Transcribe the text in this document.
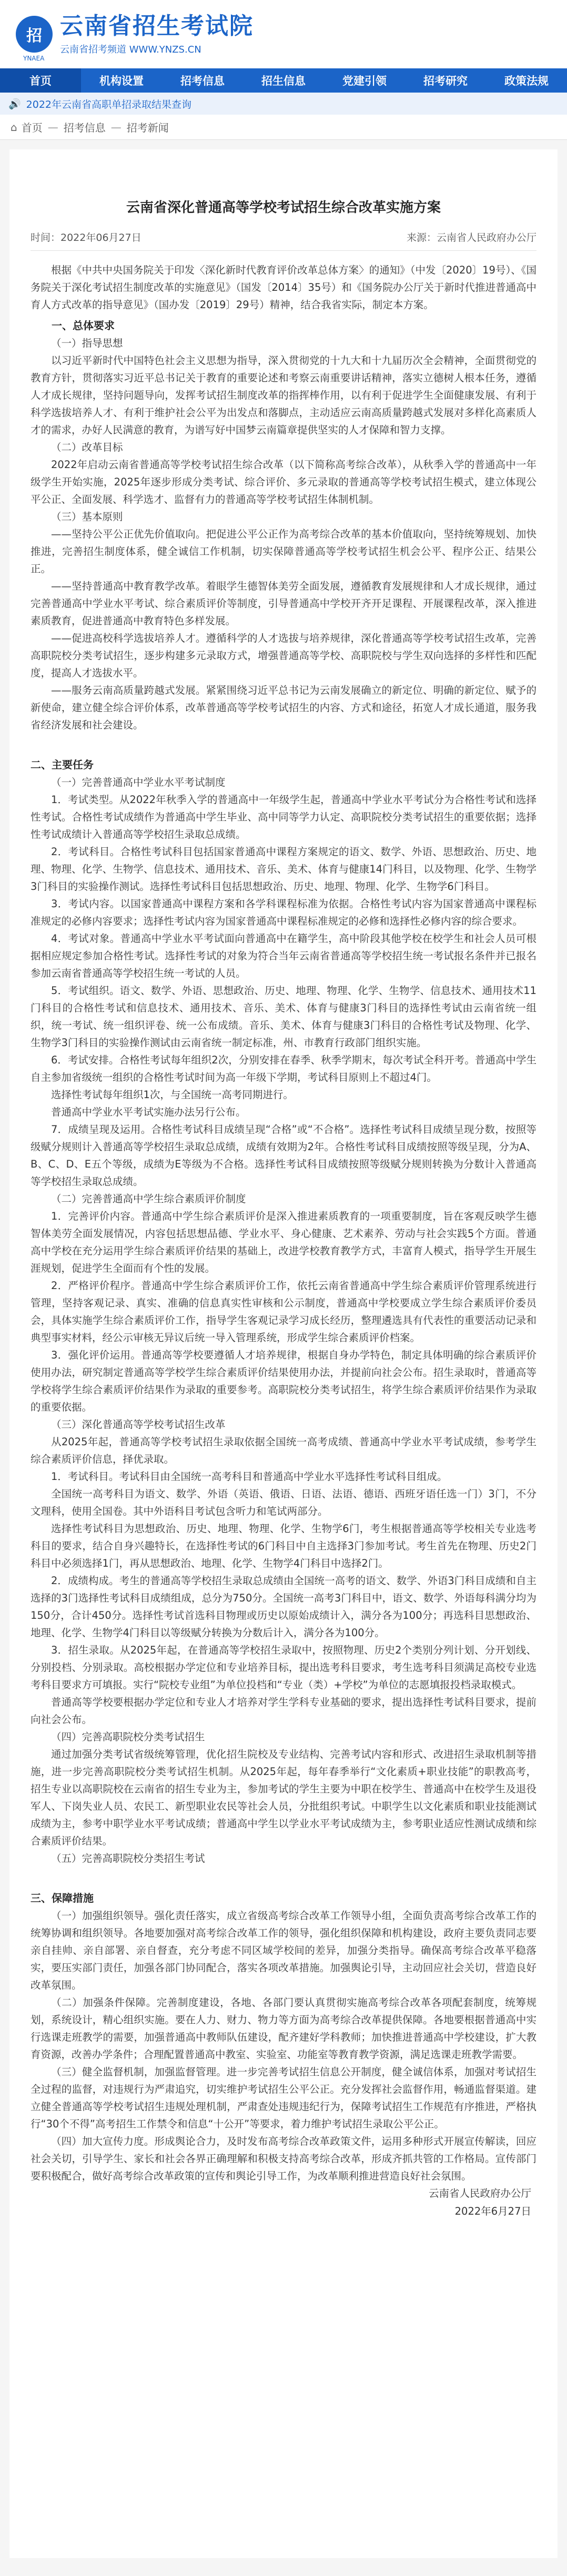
招 云南省招生考试院
云南省招考频道 WWW.YNZS.CN
YNAEA
首页	机构设置	招考信息	招生信息	党建引领	招考研究	政策法规
🔊 2022年云南省高职单招录取结果查询
⌂ 首页 — 招考信息 — 招考新闻
云南省深化普通高等学校考试招生综合改革实施方案
时间：2022年06月27日	来源：云南省人民政府办公厅
根据《中共中央国务院关于印发〈深化新时代教育评价改革总体方案〉的通知》（中发〔2020〕19号）、《国务院关于深化考试招生制度改革的实施意见》（国发〔2014〕35号）和《国务院办公厅关于新时代推进普通高中育人方式改革的指导意见》（国办发〔2019〕29号）精神，结合我省实际，制定本方案。
一、总体要求
（一）指导思想
以习近平新时代中国特色社会主义思想为指导，深入贯彻党的十九大和十九届历次全会精神，全面贯彻党的教育方针，贯彻落实习近平总书记关于教育的重要论述和考察云南重要讲话精神，落实立德树人根本任务，遵循人才成长规律，坚持问题导向，发挥考试招生制度改革的指挥棒作用，以有利于促进学生全面健康发展、有利于科学选拔培养人才、有利于维护社会公平为出发点和落脚点，主动适应云南高质量跨越式发展对多样化高素质人才的需求，办好人民满意的教育，为谱写好中国梦云南篇章提供坚实的人才保障和智力支撑。
（二）改革目标
2022年启动云南省普通高等学校考试招生综合改革（以下简称高考综合改革），从秋季入学的普通高中一年级学生开始实施，2025年逐步形成分类考试、综合评价、多元录取的普通高等学校考试招生模式，建立体现公平公正、全面发展、科学选才、监督有力的普通高等学校考试招生体制机制。
（三）基本原则
——坚持公平公正优先价值取向。把促进公平公正作为高考综合改革的基本价值取向，坚持统筹规划、加快推进，完善招生制度体系，健全诚信工作机制，切实保障普通高等学校考试招生机会公平、程序公正、结果公正。
——坚持普通高中教育教学改革。着眼学生德智体美劳全面发展，遵循教育发展规律和人才成长规律，通过完善普通高中学业水平考试、综合素质评价等制度，引导普通高中学校开齐开足课程、开展课程改革，深入推进素质教育，促进普通高中教育特色多样发展。
——促进高校科学选拔培养人才。遵循科学的人才选拔与培养规律，深化普通高等学校考试招生改革，完善高职院校分类考试招生，逐步构建多元录取方式，增强普通高等学校、高职院校与学生双向选择的多样性和匹配度，提高人才选拔水平。
——服务云南高质量跨越式发展。紧紧围绕习近平总书记为云南发展确立的新定位、明确的新定位、赋予的新使命，建立健全综合评价体系，改革普通高等学校考试招生的内容、方式和途径，拓宽人才成长通道，服务我省经济发展和社会建设。
二、主要任务
（一）完善普通高中学业水平考试制度
1．考试类型。从2022年秋季入学的普通高中一年级学生起，普通高中学业水平考试分为合格性考试和选择性考试。合格性考试成绩作为普通高中学生毕业、高中同等学力认定、高职院校分类考试招生的重要依据；选择性考试成绩计入普通高等学校招生录取总成绩。
2．考试科目。合格性考试科目包括国家普通高中课程方案规定的语文、数学、外语、思想政治、历史、地理、物理、化学、生物学、信息技术、通用技术、音乐、美术、体育与健康14门科目，以及物理、化学、生物学3门科目的实验操作测试。选择性考试科目包括思想政治、历史、地理、物理、化学、生物学6门科目。
3．考试内容。以国家普通高中课程方案和各学科课程标准为依据。合格性考试内容为国家普通高中课程标准规定的必修内容要求；选择性考试内容为国家普通高中课程标准规定的必修和选择性必修内容的综合要求。
4．考试对象。普通高中学业水平考试面向普通高中在籍学生，高中阶段其他学校在校学生和社会人员可根据相应规定参加合格性考试。选择性考试的对象为符合当年云南省普通高等学校招生统一考试报名条件并已报名参加云南省普通高等学校招生统一考试的人员。
5．考试组织。语文、数学、外语、思想政治、历史、地理、物理、化学、生物学、信息技术、通用技术11门科目的合格性考试和信息技术、通用技术、音乐、美术、体育与健康3门科目的选择性考试由云南省统一组织，统一考试、统一组织评卷、统一公布成绩。音乐、美术、体育与健康3门科目的合格性考试及物理、化学、生物学3门科目的实验操作测试由云南省统一制定标准，州、市教育行政部门组织实施。
6．考试安排。合格性考试每年组织2次，分别安排在春季、秋季学期末，每次考试全科开考。普通高中学生自主参加省级统一组织的合格性考试时间为高一年级下学期，考试科目原则上不超过4门。
选择性考试每年组织1次，与全国统一高考同期进行。
普通高中学业水平考试实施办法另行公布。
7．成绩呈现及运用。合格性考试科目成绩呈现“合格”或“不合格”。选择性考试科目成绩呈现分数，按照等级赋分规则计入普通高等学校招生录取总成绩，成绩有效期为2年。合格性考试科目成绩按照等级呈现，分为A、B、C、D、E五个等级，成绩为E等级为不合格。选择性考试科目成绩按照等级赋分规则转换为分数计入普通高等学校招生录取总成绩。
（二）完善普通高中学生综合素质评价制度
1．完善评价内容。普通高中学生综合素质评价是深入推进素质教育的一项重要制度，旨在客观反映学生德智体美劳全面发展情况，内容包括思想品德、学业水平、身心健康、艺术素养、劳动与社会实践5个方面。普通高中学校在充分运用学生综合素质评价结果的基础上，改进学校教育教学方式，丰富育人模式，指导学生开展生涯规划，促进学生全面而有个性的发展。
2．严格评价程序。普通高中学生综合素质评价工作，依托云南省普通高中学生综合素质评价管理系统进行管理，坚持客观记录、真实、准确的信息真实性审核和公示制度，普通高中学校要成立学生综合素质评价委员会，具体实施学生综合素质评价工作，指导学生客观记录学习成长经历，整理遴选具有代表性的重要活动记录和典型事实材料，经公示审核无异议后统一导入管理系统，形成学生综合素质评价档案。
3．强化评价运用。普通高等学校要遵循人才培养规律，根据自身办学特色，制定具体明确的综合素质评价使用办法，研究制定普通高等学校学生综合素质评价结果使用办法，并提前向社会公布。招生录取时，普通高等学校将学生综合素质评价结果作为录取的重要参考。高职院校分类考试招生，将学生综合素质评价结果作为录取的重要依据。
（三）深化普通高等学校考试招生改革
从2025年起，普通高等学校考试招生录取依据全国统一高考成绩、普通高中学业水平考试成绩，参考学生综合素质评价信息，择优录取。
1．考试科目。考试科目由全国统一高考科目和普通高中学业水平选择性考试科目组成。
全国统一高考科目为语文、数学、外语（英语、俄语、日语、法语、德语、西班牙语任选一门）3门，不分文理科，使用全国卷。其中外语科目考试包含听力和笔试两部分。
选择性考试科目为思想政治、历史、地理、物理、化学、生物学6门，考生根据普通高等学校相关专业选考科目的要求，结合自身兴趣特长，在选择性考试的6门科目中自主选择3门参加考试。考生首先在物理、历史2门科目中必须选择1门，再从思想政治、地理、化学、生物学4门科目中选择2门。
2．成绩构成。考生的普通高等学校招生录取总成绩由全国统一高考的语文、数学、外语3门科目成绩和自主选择的3门选择性考试科目成绩组成，总分为750分。全国统一高考3门科目中，语文、数学、外语每科满分均为150分，合计450分。选择性考试首选科目物理或历史以原始成绩计入，满分各为100分；再选科目思想政治、地理、化学、生物学4门科目以等级赋分转换为分数后计入，满分各为100分。
3．招生录取。从2025年起，在普通高等学校招生录取中，按照物理、历史2个类别分列计划、分开划线、分别投档、分别录取。高校根据办学定位和专业培养目标，提出选考科目要求，考生选考科目须满足高校专业选考科目要求方可填报。实行“院校专业组”为单位投档和“专业（类）+学校”为单位的志愿填报投档录取模式。
普通高等学校要根据办学定位和专业人才培养对学生学科专业基础的要求，提出选择性考试科目要求，提前向社会公布。
（四）完善高职院校分类考试招生
通过加强分类考试省级统筹管理，优化招生院校及专业结构、完善考试内容和形式、改进招生录取机制等措施，进一步完善高职院校分类考试招生机制。从2025年起，每年春季举行“文化素质+职业技能”的职教高考，招生专业以高职院校在云南省的招生专业为主，参加考试的学生主要为中职在校学生、普通高中在校学生及退役军人、下岗失业人员、农民工、新型职业农民等社会人员，分批组织考试。中职学生以文化素质和职业技能测试成绩为主，参考中职学业水平考试成绩；普通高中学生以学业水平考试成绩为主，参考职业适应性测试成绩和综合素质评价结果。
（五）完善高职院校分类招生考试
三、保障措施
（一）加强组织领导。强化责任落实，成立省级高考综合改革工作领导小组，全面负责高考综合改革工作的统筹协调和组织领导。各地要加强对高考综合改革工作的领导，强化组织保障和机构建设，政府主要负责同志要亲自挂帅、亲自部署、亲自督查，充分考虑不同区域学校间的差异，加强分类指导。确保高考综合改革平稳落实，要压实部门责任，加强各部门协同配合，落实各项改革措施。加强舆论引导，主动回应社会关切，营造良好改革氛围。
（二）加强条件保障。完善制度建设，各地、各部门要认真贯彻实施高考综合改革各项配套制度，统筹规划，系统设计，精心组织实施。要在人力、财力、物力等方面为高考综合改革提供保障。各地要根据普通高中实行选课走班教学的需要，加强普通高中教师队伍建设，配齐建好学科教师；加快推进普通高中学校建设，扩大教育资源，改善办学条件；合理配置普通高中教室、实验室、功能室等教育教学资源，满足选课走班教学需要。
（三）健全监督机制，加强监督管理。进一步完善考试招生信息公开制度，健全诚信体系，加强对考试招生全过程的监督，对违规行为严肃追究，切实维护考试招生公平公正。充分发挥社会监督作用，畅通监督渠道。建立健全普通高等学校考试招生违规处理机制，严肃查处违规违纪行为，保障考试招生工作规范有序推进，严格执行“30个不得”高考招生工作禁令和信息“十公开”等要求，着力维护考试招生录取公平公正。
（四）加大宣传力度。形成舆论合力，及时发布高考综合改革政策文件，运用多种形式开展宣传解读，回应社会关切，引导学生、家长和社会各界正确理解和积极支持高考综合改革，形成齐抓共管的工作格局。宣传部门要积极配合，做好高考综合改革政策的宣传和舆论引导工作，为改革顺利推进营造良好社会氛围。
云南省人民政府办公厅
2022年6月27日
